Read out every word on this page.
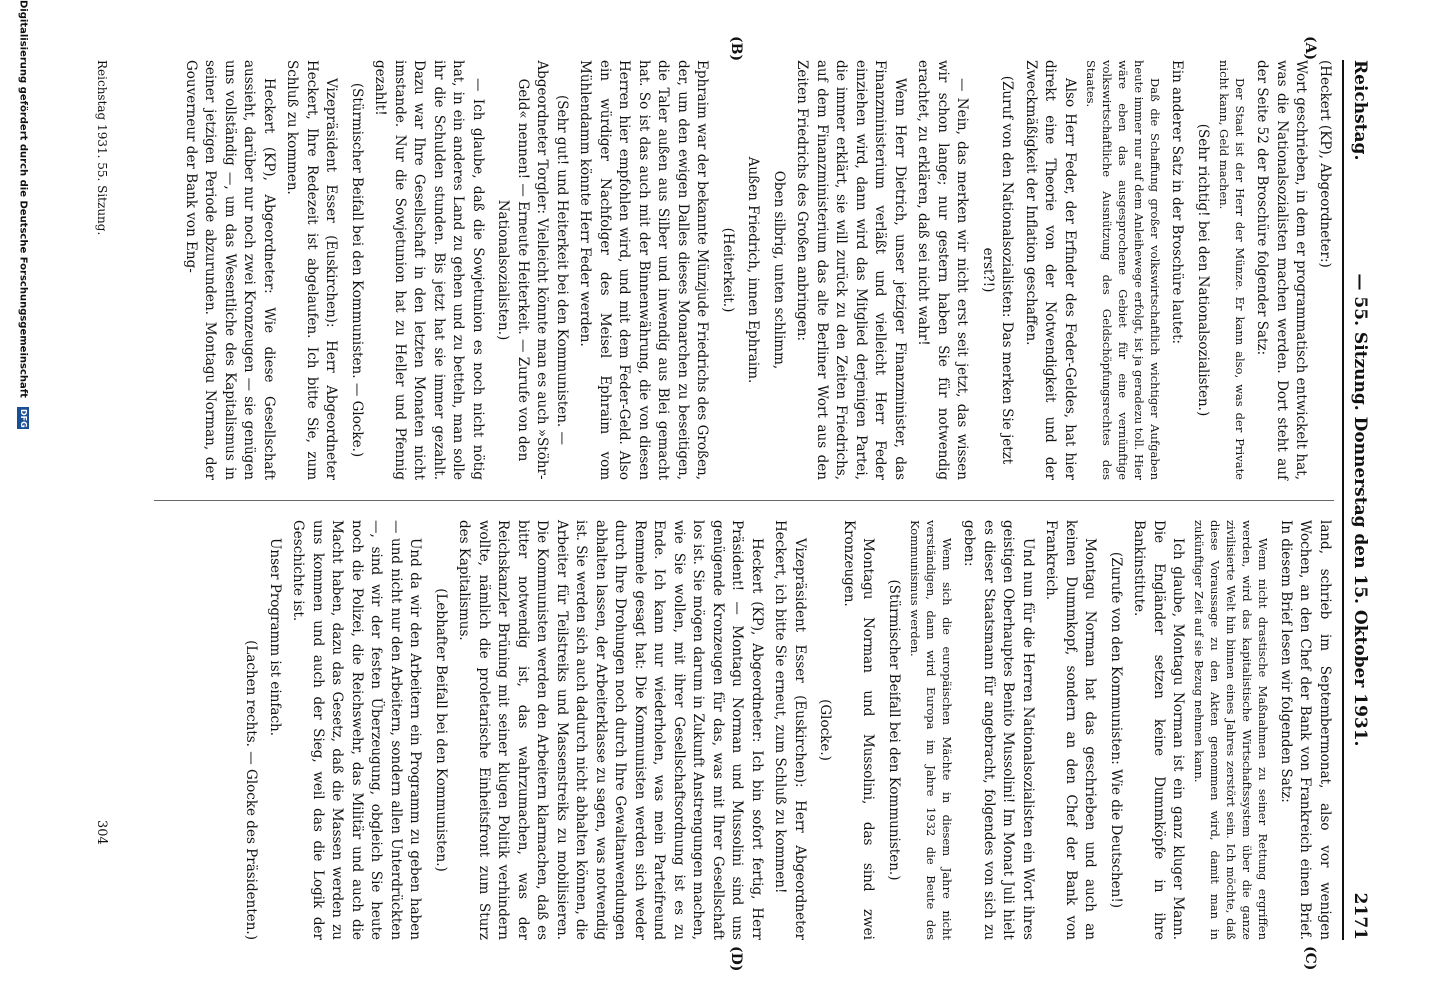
Reichstag.
— 55. Sitzung. Donnerstag den 15. Oktober 1931.
2171
(A)
(B)
(C)
(D)

(Heckert (KP), Abgeordneter:)

Wort geschrieben, in dem er programmatisch entwickelt hat, was die Nationalsozialisten machen werden. Dort steht auf der Seite 52 der Broschüre folgender Satz:

Der Staat ist der Herr der Münze. Er kann also, was der Private nicht kann, Geld machen.

(Sehr richtig! bei den Nationalsozialisten.)

Ein anderer Satz in der Broschüre lautet:

Daß die Schaffung großer volkswirtschaftlich wichtiger Aufgaben heute immer nur auf dem Anleihewege erfolgt, ist ja geradezu toll. Hier wäre eben das ausgesprochene Gebiet für eine vernünftige volkswirtschaftliche Ausnützung des Geldschöpfungsrechtes des Staates.

Also Herr Feder, der Erfinder des Feder-Geldes, hat hier direkt eine Theorie von der Notwendigkeit und der Zweckmäßigkeit der Inflation geschaffen.

(Zuruf von den Nationalsozialisten: Das merken Sie jetzt erst?!)

— Nein, das merken wir nicht erst seit jetzt, das wissen wir schon lange; nur gestern haben Sie für notwendig erachtet, zu erklären, daß sei nicht wahr!

Wenn Herr Dietrich, unser jetziger Finanzminister, das Finanzministerium verläßt und vielleicht Herr Feder einziehen wird, dann wird das Mitglied derjenigen Partei, die immer erklärt, sie will zurück zu den Zeiten Friedrichs, auf dem Finanzministerium das alte Berliner Wort aus den Zeiten Friedrichs des Großen anbringen:

Oben silbrig, unten schlimm,

Außen Friedrich, innen Ephraim.

(Heiterkeit.)

Ephraim war der bekannte Münzjude Friedrichs des Großen, der, um den ewigen Dalles dieses Monarchen zu beseitigen, die Taler außen aus Silber und inwendig aus Blei gemacht hat. So ist das auch mit der Binnenwährung, die von diesen Herren hier empfohlen wird, und mit dem Feder-Geld. Also ein würdiger Nachfolger des Meisel Ephraim vom Mühlendamm könnte Herr Feder werden.

(Sehr gut! und Heiterkeit bei den Kommunisten. — Abgeordneter Torgler: Vielleicht könnte man es auch »Stöhr-Geld« nennen! — Erneute Heiterkeit. — Zurufe von den Nationalsozialisten.)

— Ich glaube, daß die Sowjetunion es noch nicht nötig hat, in ein anderes Land zu gehen und zu betteln, man solle ihr die Schulden stunden. Bis jetzt hat sie immer gezahlt. Dazu war Ihre Gesellschaft in den letzten Monaten nicht imstande. Nur die Sowjetunion hat zu Heller und Pfennig gezahlt!

(Stürmischer Beifall bei den Kommunisten. — Glocke.)

Vizepräsident Esser (Euskirchen): Herr Abgeordneter Heckert, Ihre Redezeit ist abgelaufen. Ich bitte Sie, zum Schluß zu kommen.

Heckert (KP), Abgeordneter: Wie diese Gesellschaft aussieht, darüber nur noch zwei Kronzeugen — sie genügen uns vollständig —, um das Wesentliche des Kapitalismus in seiner jetzigen Periode abzurunden. Montagu Norman, der Gouverneur der Bank von Eng-

land, schrieb im Septembermonat, also vor wenigen Wochen, an den Chef der Bank von Frankreich einen Brief. In diesem Brief lesen wir folgenden Satz:

Wenn nicht drastische Maßnahmen zu seiner Rettung ergriffen werden, wird das kapitalistische Wirtschaftssystem über die ganze zivilisierte Welt hin binnen eines Jahres zerstört sein. Ich möchte, daß diese Voraussage zu den Akten genommen wird, damit man in zukünftiger Zeit auf sie Bezug nehmen kann.

Ich glaube, Montagu Norman ist ein ganz kluger Mann. Die Engländer setzen keine Dummköpfe in ihre Bankinstitute.

(Zurufe von den Kommunisten: Wie die Deutschen!)

Montagu Norman hat das geschrieben und auch an keinen Dummkopf, sondern an den Chef der Bank von Frankreich.

Und nun für die Herren Nationalsozialisten ein Wort ihres geistigen Oberhauptes Benito Mussolini! Im Monat Juli hielt es dieser Staatsmann für angebracht, folgendes von sich zu geben:

Wenn sich die europäischen Mächte in diesem Jahre nicht verständigen, dann wird Europa im Jahre 1932 die Beute des Kommunismus werden.

(Stürmischer Beifall bei den Kommunisten.)

Montagu Norman und Mussolini, das sind zwei Kronzeugen.

(Glocke.)

Vizepräsident Esser (Euskirchen): Herr Abgeordneter Heckert, ich bitte Sie erneut, zum Schluß zu kommen!

Heckert (KP), Abgeordneter: Ich bin sofort fertig, Herr Präsident! — Montagu Norman und Mussolini sind uns genügende Kronzeugen für das, was mit Ihrer Gesellschaft los ist. Sie mögen darum in Zukunft Anstrengungen machen, wie Sie wollen, mit ihrer Gesellschaftsordnung ist es zu Ende. Ich kann nur wiederholen, was mein Parteifreund Remmele gesagt hat: Die Kommunisten werden sich weder durch Ihre Drohungen noch durch Ihre Gewaltanwendungen abhalten lassen, der Arbeiterklasse zu sagen, was notwendig ist. Sie werden sich auch dadurch nicht abhalten können, die Arbeiter für Teilstreiks und Massenstreiks zu mobilisieren. Die Kommunisten werden den Arbeitern klarmachen, daß es bitter notwendig ist, das wahrzumachen, was der Reichskanzler Brüning mit seiner klugen Politik verhindern wollte, nämlich die proletarische Einheitsfront zum Sturz des Kapitalismus.

(Lebhafter Beifall bei den Kommunisten.)

Und da wir den Arbeitern ein Programm zu geben haben — und nicht nur den Arbeitern, sondern allen Unterdrückten —, sind wir der festen Überzeugung, obgleich Sie heute noch die Polizei, die Reichswehr, das Militär und auch die Macht haben, dazu das Gesetz, daß die Massen werden zu uns kommen und auch der Sieg, weil das die Logik der Geschichte ist.

Unser Programm ist einfach.

(Lachen rechts. — Glocke des Präsidenten.)

Reichstag 1931. 55. Sitzung.
304
Digitalisierung gefördert durch die Deutsche Forschungsgemeinschaft DFG
